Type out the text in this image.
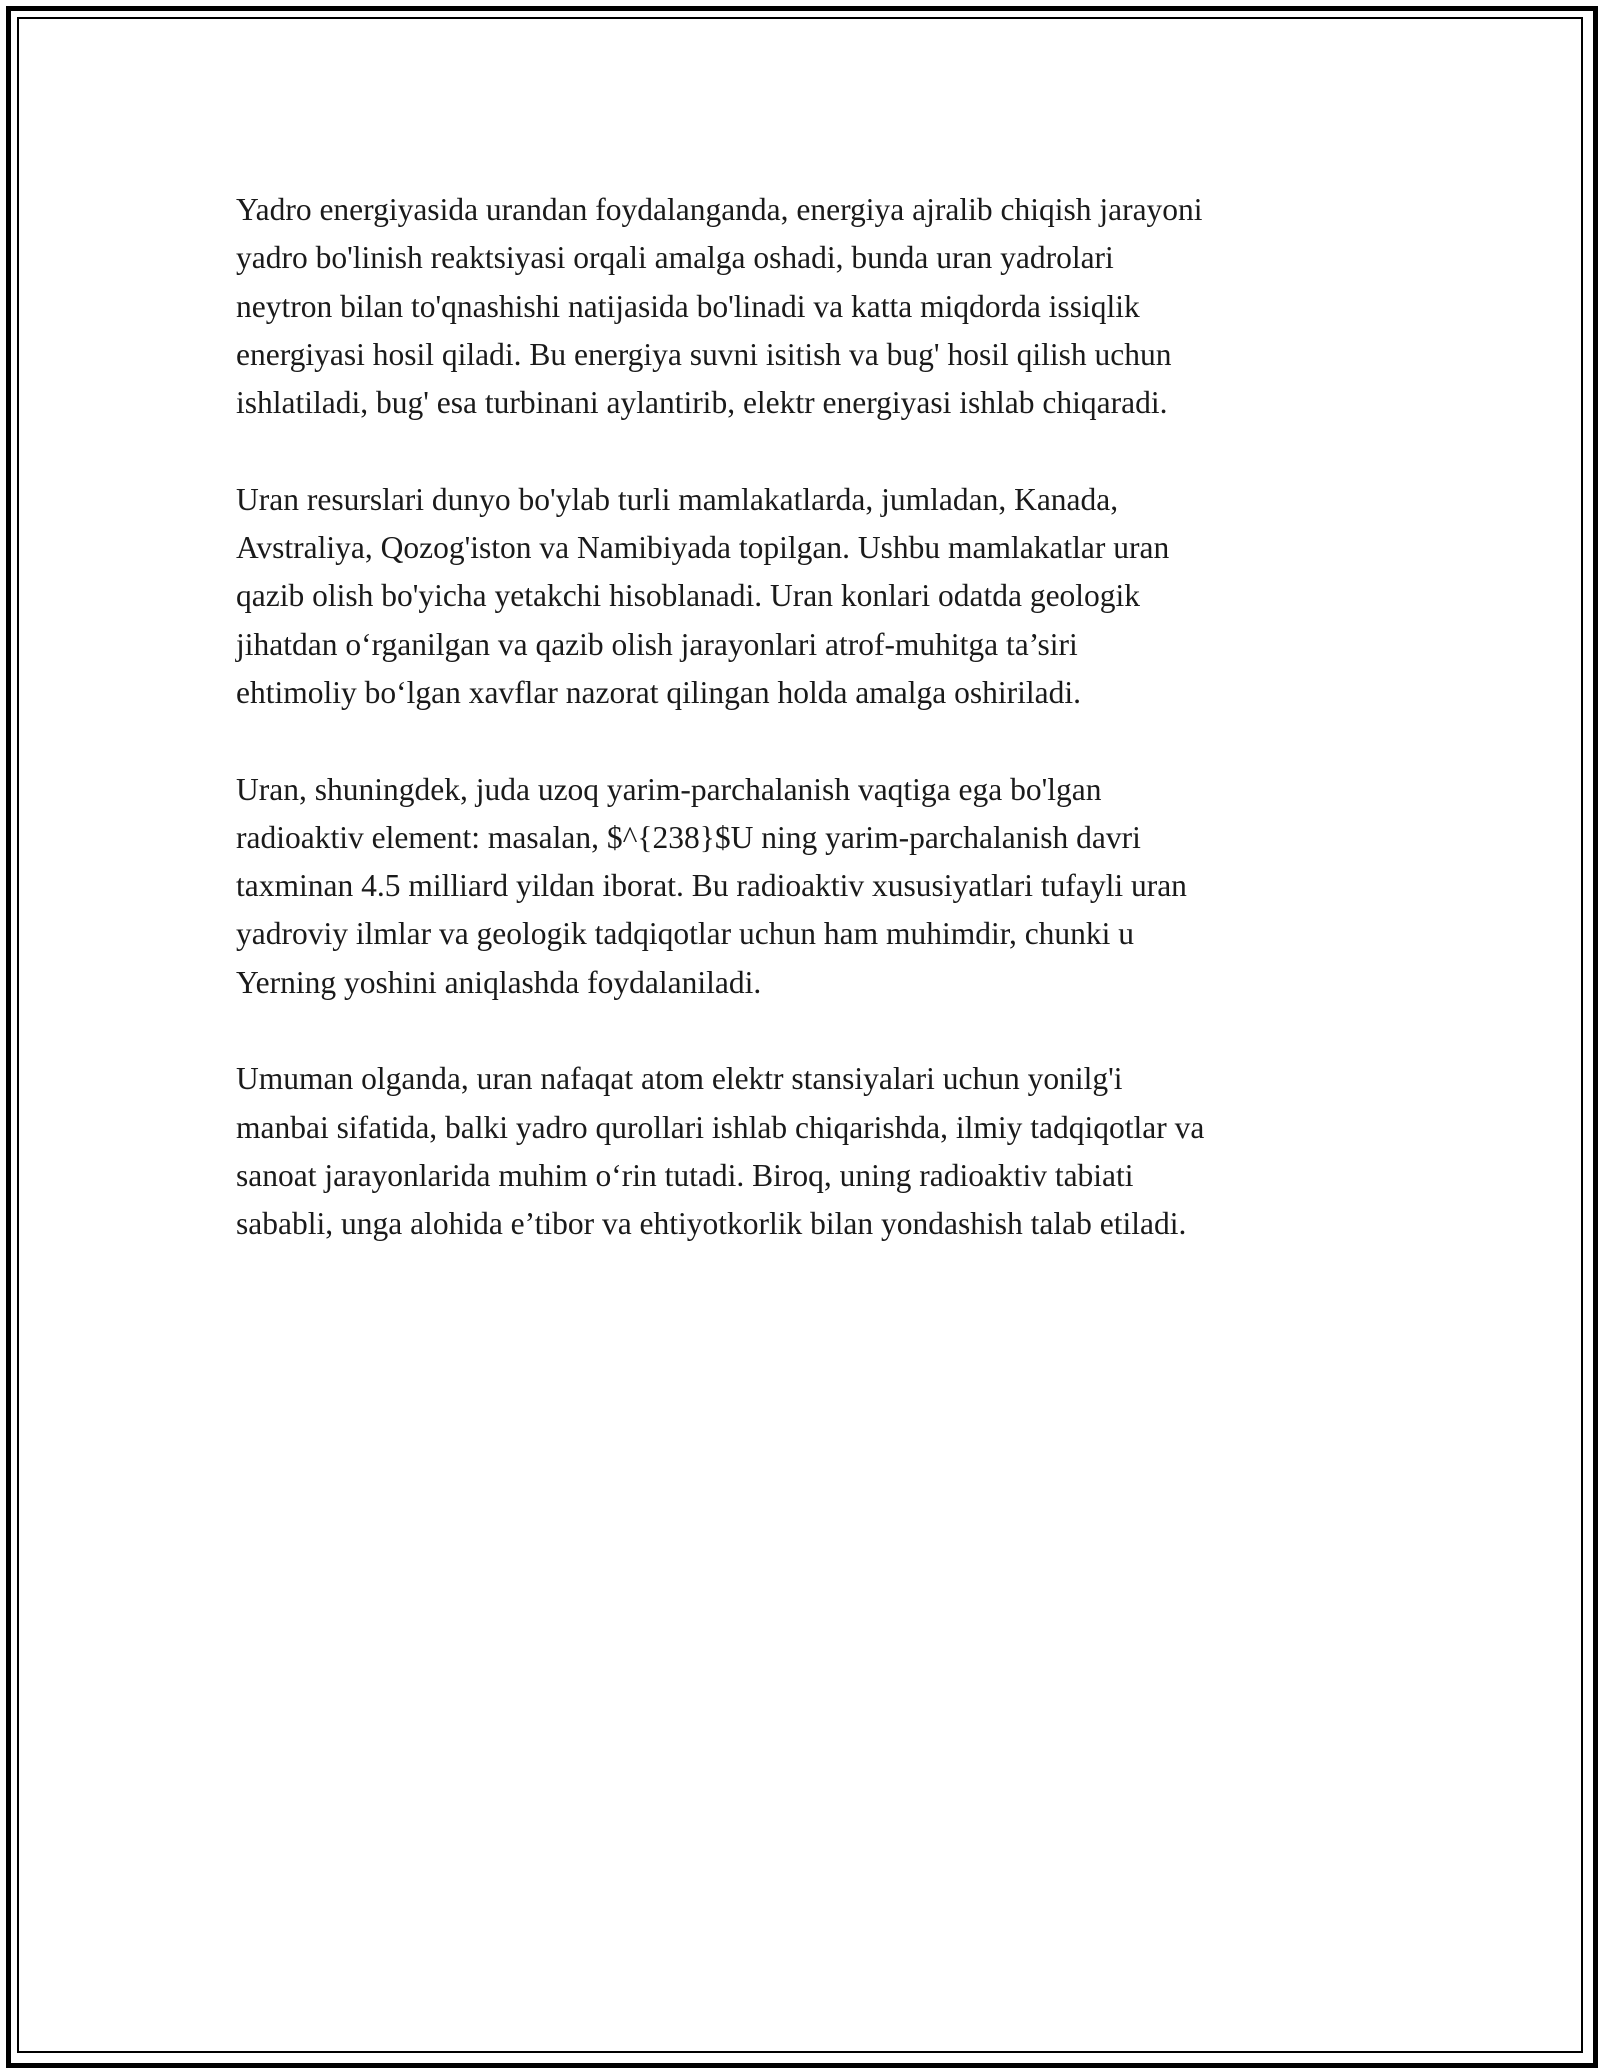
Yadro energiyasida urandan foydalanganda, energiya ajralib chiqish jarayoni
yadro bo'linish reaktsiyasi orqali amalga oshadi, bunda uran yadrolari
neytron bilan to'qnashishi natijasida bo'linadi va katta miqdorda issiqlik
energiyasi hosil qiladi. Bu energiya suvni isitish va bug' hosil qilish uchun
ishlatiladi, bug' esa turbinani aylantirib, elektr energiyasi ishlab chiqaradi.

Uran resurslari dunyo bo'ylab turli mamlakatlarda, jumladan, Kanada,
Avstraliya, Qozog'iston va Namibiyada topilgan. Ushbu mamlakatlar uran
qazib olish bo'yicha yetakchi hisoblanadi. Uran konlari odatda geologik
jihatdan o‘rganilgan va qazib olish jarayonlari atrof-muhitga ta’siri
ehtimoliy bo‘lgan xavflar nazorat qilingan holda amalga oshiriladi.

Uran, shuningdek, juda uzoq yarim-parchalanish vaqtiga ega bo'lgan
radioaktiv element: masalan, $^{238}$U ning yarim-parchalanish davri
taxminan 4.5 milliard yildan iborat. Bu radioaktiv xususiyatlari tufayli uran
yadroviy ilmlar va geologik tadqiqotlar uchun ham muhimdir, chunki u
Yerning yoshini aniqlashda foydalaniladi.

Umuman olganda, uran nafaqat atom elektr stansiyalari uchun yonilg'i
manbai sifatida, balki yadro qurollari ishlab chiqarishda, ilmiy tadqiqotlar va
sanoat jarayonlarida muhim o‘rin tutadi. Biroq, uning radioaktiv tabiati
sababli, unga alohida e’tibor va ehtiyotkorlik bilan yondashish talab etiladi.
